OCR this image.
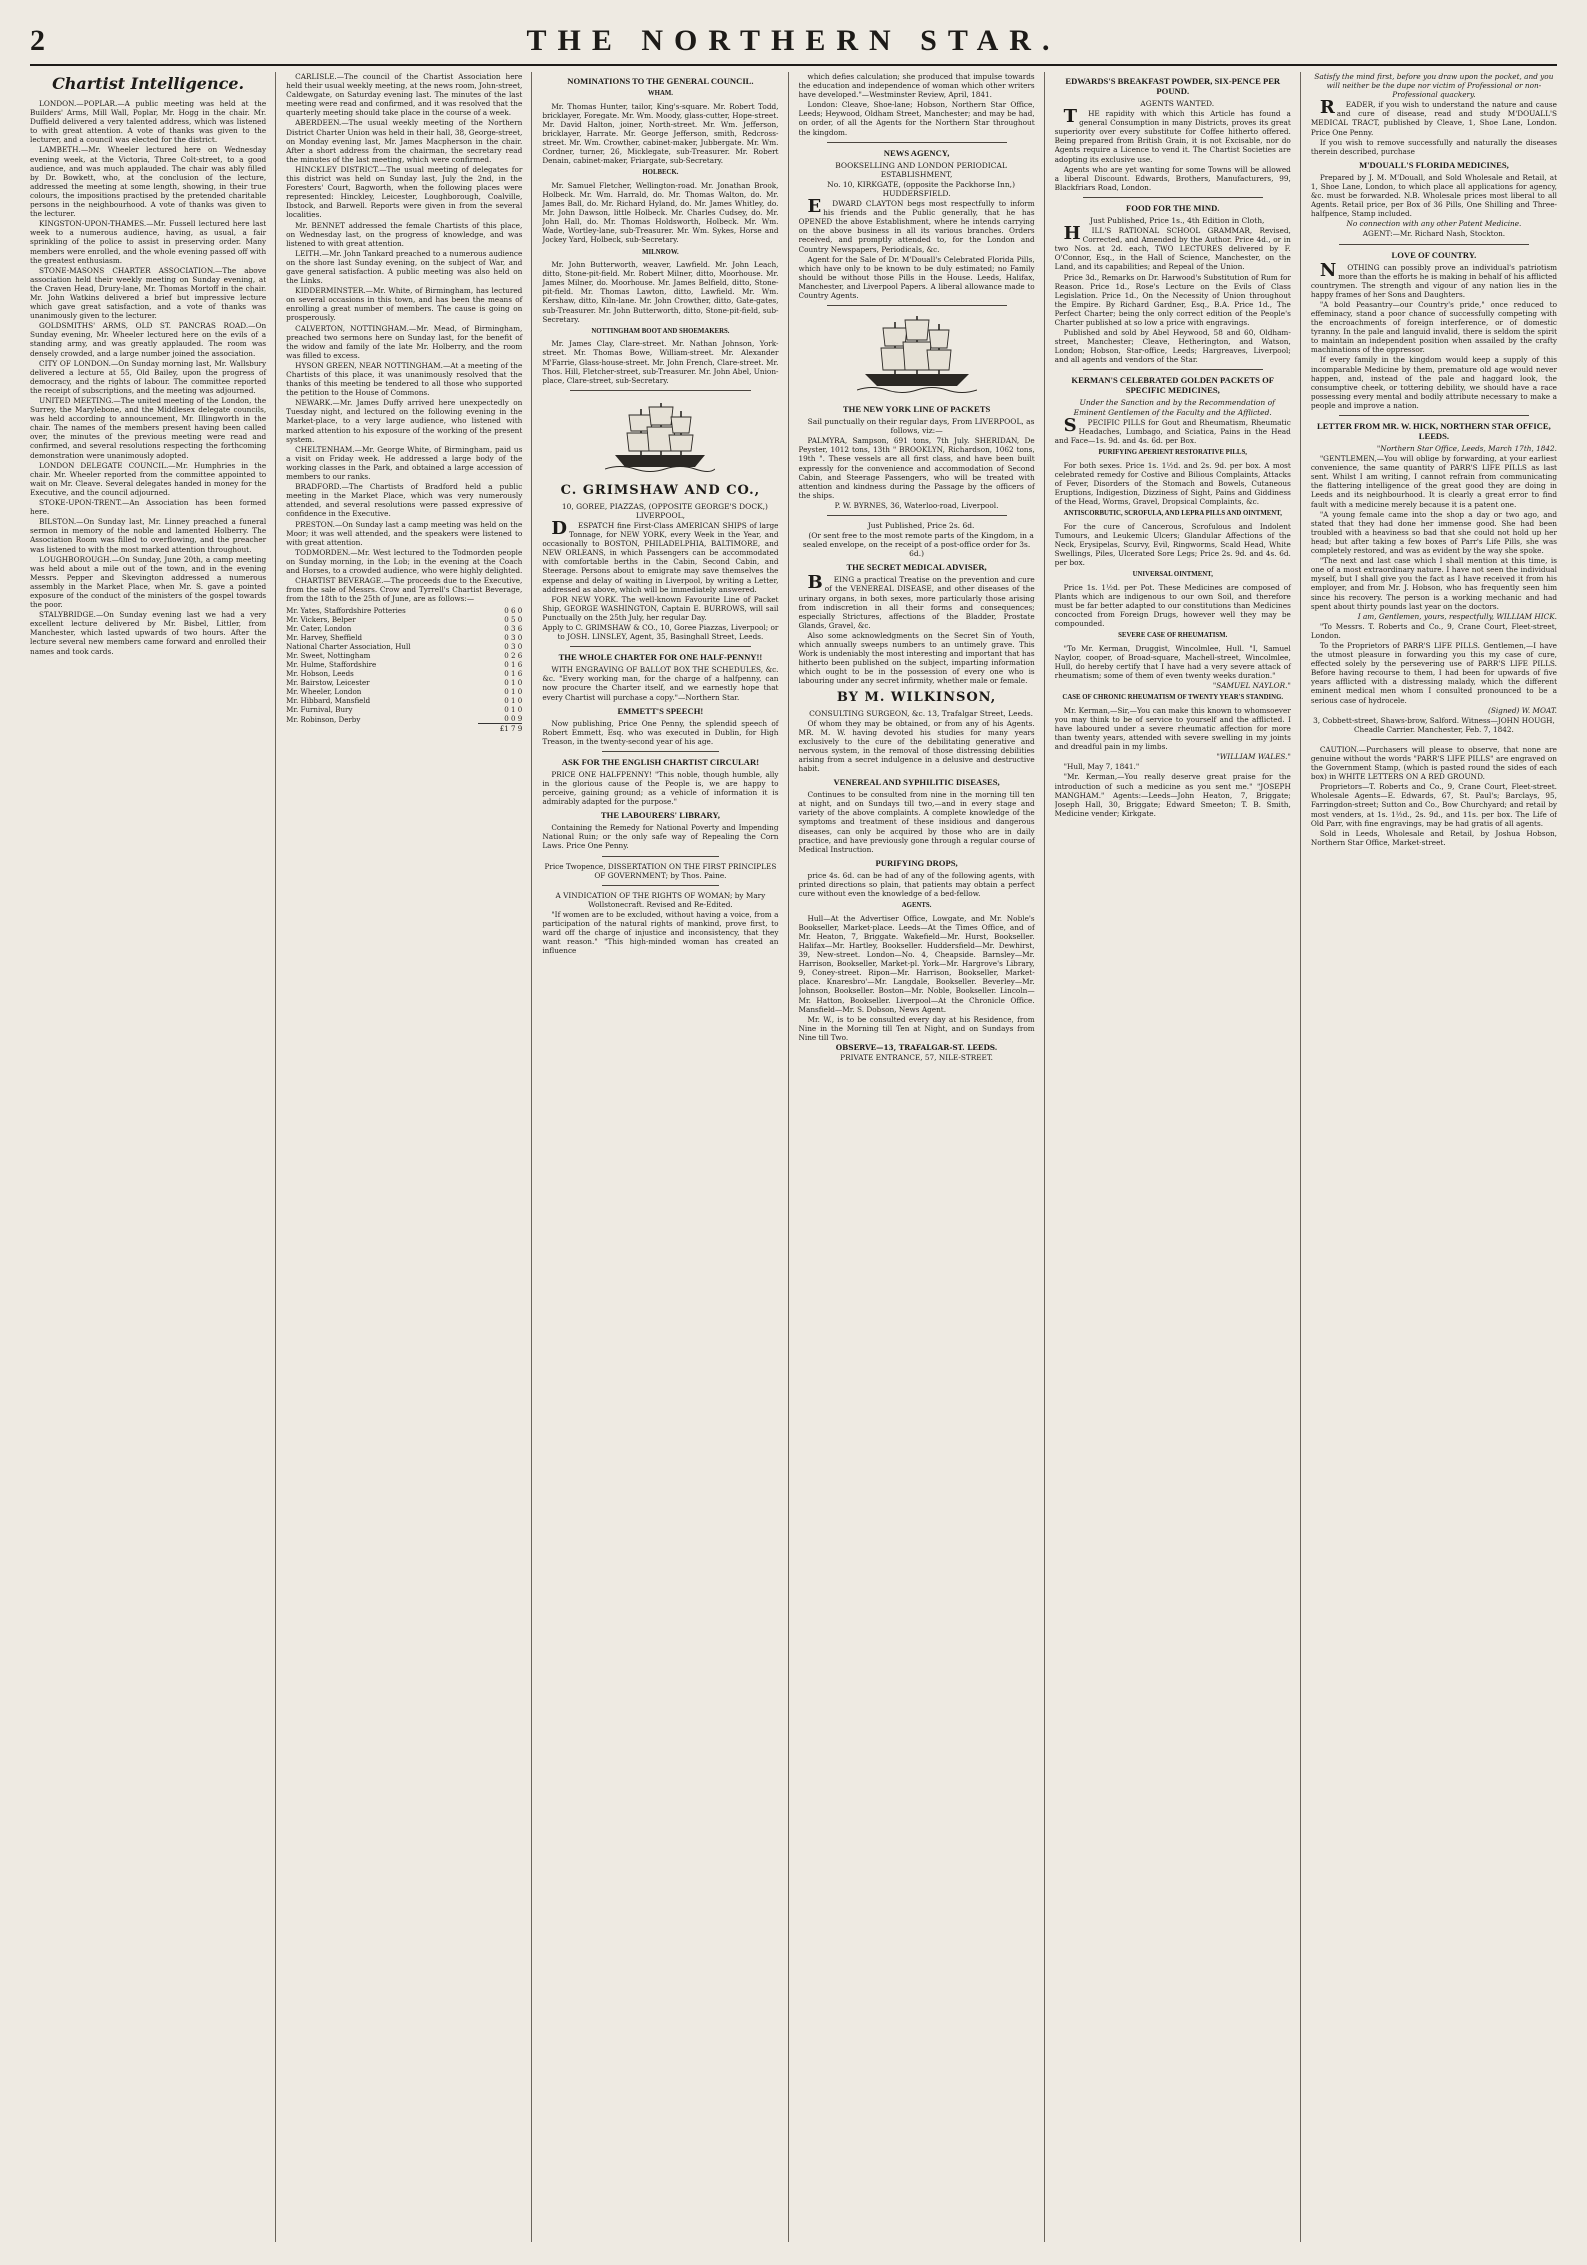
2	THE NORTHERN STAR.
Chartist Intelligence.

LONDON.—POPLAR.—A public meeting was held at the Builders' Arms, Mill Wall, Poplar, Mr. Hogg in the chair. Mr. Duffield delivered a very talented address, which was listened to with great attention. A vote of thanks was given to the lecturer, and a council was elected for the district.

LAMBETH.—Mr. Wheeler lectured here on Wednesday evening week, at the Victoria, Three Colt-street, to a good audience, and was much applauded. The chair was ably filled by Dr. Bowkett, who, at the conclusion of the lecture, addressed the meeting at some length, showing, in their true colours, the impositions practised by the pretended charitable persons in the neighbourhood. A vote of thanks was given to the lecturer.

KINGSTON-UPON-THAMES.—Mr. Fussell lectured here last week to a numerous audience, having, as usual, a fair sprinkling of the police to assist in preserving order. Many members were enrolled, and the whole evening passed off with the greatest enthusiasm.

STONE-MASONS CHARTER ASSOCIATION.—The above association held their weekly meeting on Sunday evening, at the Craven Head, Drury-lane, Mr. Thomas Mortoff in the chair. Mr. John Watkins delivered a brief but impressive lecture which gave great satisfaction, and a vote of thanks was unanimously given to the lecturer.

GOLDSMITHS' ARMS, OLD ST. PANCRAS ROAD.—On Sunday evening, Mr. Wheeler lectured here on the evils of a standing army, and was greatly applauded. The room was densely crowded, and a large number joined the association.

CITY OF LONDON.—On Sunday morning last, Mr. Wallsbury delivered a lecture at 55, Old Bailey, upon the progress of democracy, and the rights of labour. The committee reported the receipt of subscriptions, and the meeting was adjourned.

UNITED MEETING.—The united meeting of the London, the Surrey, the Marylebone, and the Middlesex delegate councils, was held according to announcement, Mr. Illingworth in the chair. The names of the members present having been called over, the minutes of the previous meeting were read and confirmed, and several resolutions respecting the forthcoming demonstration were unanimously adopted.

LONDON DELEGATE COUNCIL.—Mr. Humphries in the chair. Mr. Wheeler reported from the committee appointed to wait on Mr. Cleave. Several delegates handed in money for the Executive, and the council adjourned.

STOKE-UPON-TRENT.—An Association has been formed here.

BILSTON.—On Sunday last, Mr. Linney preached a funeral sermon in memory of the noble and lamented Holberry. The Association Room was filled to overflowing, and the preacher was listened to with the most marked attention throughout.

LOUGHBOROUGH.—On Sunday, June 20th, a camp meeting was held about a mile out of the town, and in the evening Messrs. Pepper and Skevington addressed a numerous assembly in the Market Place, when Mr. S. gave a pointed exposure of the conduct of the ministers of the gospel towards the poor.

STALYBRIDGE.—On Sunday evening last we had a very excellent lecture delivered by Mr. Bisbel, Littler, from Manchester, which lasted upwards of two hours. After the lecture several new members came forward and enrolled their names and took cards.

CARLISLE.—The council of the Chartist Association here held their usual weekly meeting, at the news room, John-street, Caldewgate, on Saturday evening last. The minutes of the last meeting were read and confirmed, and it was resolved that the quarterly meeting should take place in the course of a week.

ABERDEEN.—The usual weekly meeting of the Northern District Charter Union was held in their hall, 38, George-street, on Monday evening last, Mr. James Macpherson in the chair. After a short address from the chairman, the secretary read the minutes of the last meeting, which were confirmed.

HINCKLEY DISTRICT.—The usual meeting of delegates for this district was held on Sunday last, July the 2nd, in the Foresters' Court, Bagworth, when the following places were represented: Hinckley, Leicester, Loughborough, Coalville, Ibstock, and Barwell. Reports were given in from the several localities.

Mr. BENNET addressed the female Chartists of this place, on Wednesday last, on the progress of knowledge, and was listened to with great attention.

LEITH.—Mr. John Tankard preached to a numerous audience on the shore last Sunday evening, on the subject of War, and gave general satisfaction. A public meeting was also held on the Links.

KIDDERMINSTER.—Mr. White, of Birmingham, has lectured on several occasions in this town, and has been the means of enrolling a great number of members. The cause is going on prosperously.

CALVERTON, NOTTINGHAM.—Mr. Mead, of Birmingham, preached two sermons here on Sunday last, for the benefit of the widow and family of the late Mr. Holberry, and the room was filled to excess.

HYSON GREEN, NEAR NOTTINGHAM.—At a meeting of the Chartists of this place, it was unanimously resolved that the thanks of this meeting be tendered to all those who supported the petition to the House of Commons.

NEWARK.—Mr. James Duffy arrived here unexpectedly on Tuesday night, and lectured on the following evening in the Market-place, to a very large audience, who listened with marked attention to his exposure of the working of the present system.

CHELTENHAM.—Mr. George White, of Birmingham, paid us a visit on Friday week. He addressed a large body of the working classes in the Park, and obtained a large accession of members to our ranks.

BRADFORD.—The Chartists of Bradford held a public meeting in the Market Place, which was very numerously attended, and several resolutions were passed expressive of confidence in the Executive.

PRESTON.—On Sunday last a camp meeting was held on the Moor; it was well attended, and the speakers were listened to with great attention.

TODMORDEN.—Mr. West lectured to the Todmorden people on Sunday morning, in the Lob; in the evening at the Coach and Horses, to a crowded audience, who were highly delighted.

CHARTIST BEVERAGE.—The proceeds due to the Executive, from the sale of Messrs. Crow and Tyrrell's Chartist Beverage, from the 18th to the 25th of June, are as follows:—

Mr. Yates, Staffordshire Potteries	0 6 0
Mr. Vickers, Belper	0 5 0
Mr. Cater, London	0 3 6
Mr. Harvey, Sheffield	0 3 0
National Charter Association, Hull	0 3 0
Mr. Sweet, Nottingham	0 2 6
Mr. Hulme, Staffordshire	0 1 6
Mr. Hobson, Leeds	0 1 6
Mr. Bairstow, Leicester	0 1 0
Mr. Wheeler, London	0 1 0
Mr. Hibbard, Mansfield	0 1 0
Mr. Furnival, Bury	0 1 0
Mr. Robinson, Derby	0 0 9
	£1 7 9
NOMINATIONS TO THE GENERAL COUNCIL.
WHAM.

Mr. Thomas Hunter, tailor, King's-square. Mr. Robert Todd, bricklayer, Foregate. Mr. Wm. Moody, glass-cutter, Hope-street. Mr. David Halton, joiner, North-street. Mr. Wm. Jefferson, bricklayer, Harrate. Mr. George Jefferson, smith, Redcross-street. Mr. Wm. Crowther, cabinet-maker, Jubbergate. Mr. Wm. Cordner, turner, 26, Micklegate, sub-Treasurer. Mr. Robert Denain, cabinet-maker, Friargate, sub-Secretary.

HOLBECK.

Mr. Samuel Fletcher, Wellington-road. Mr. Jonathan Brook, Holbeck. Mr. Wm. Harrald, do. Mr. Thomas Walton, do. Mr. James Ball, do. Mr. Richard Hyland, do. Mr. James Whitley, do. Mr. John Dawson, little Holbeck. Mr. Charles Cudsey, do. Mr. John Hall, do. Mr. Thomas Holdsworth, Holbeck. Mr. Wm. Wade, Wortley-lane, sub-Treasurer. Mr. Wm. Sykes, Horse and Jockey Yard, Holbeck, sub-Secretary.

MILNROW.

Mr. John Butterworth, weaver, Lawfield. Mr. John Leach, ditto, Stone-pit-field. Mr. Robert Milner, ditto, Moorhouse. Mr. James Milner, do. Moorhouse. Mr. James Belfield, ditto, Stone-pit-field. Mr. Thomas Lawton, ditto, Lawfield. Mr. Wm. Kershaw, ditto, Kiln-lane. Mr. John Crowther, ditto, Gate-gates, sub-Treasurer. Mr. John Butterworth, ditto, Stone-pit-field, sub-Secretary.

NOTTINGHAM BOOT AND SHOEMAKERS.

Mr. James Clay, Clare-street. Mr. Nathan Johnson, York-street. Mr. Thomas Bowe, William-street. Mr. Alexander M'Farrie, Glass-house-street. Mr. John French, Clare-street. Mr. Thos. Hill, Fletcher-street, sub-Treasurer. Mr. John Abel, Union-place, Clare-street, sub-Secretary.

C. GRIMSHAW AND CO.,

10, GOREE, PIAZZAS, (OPPOSITE GEORGE'S DOCK,) LIVERPOOL,

DESPATCH fine First-Class AMERICAN SHIPS of large Tonnage, for NEW YORK, every Week in the Year, and occasionally to BOSTON, PHILADELPHIA, BALTIMORE, and NEW ORLEANS, in which Passengers can be accommodated with comfortable berths in the Cabin, Second Cabin, and Steerage. Persons about to emigrate may save themselves the expense and delay of waiting in Liverpool, by writing a Letter, addressed as above, which will be immediately answered.

FOR NEW YORK. The well-known Favourite Line of Packet Ship, GEORGE WASHINGTON, Captain E. BURROWS, will sail Punctually on the 25th July, her regular Day.

Apply to C. GRIMSHAW & CO., 10, Goree Piazzas, Liverpool; or to JOSH. LINSLEY, Agent, 35, Basinghall Street, Leeds.

THE WHOLE CHARTER FOR ONE HALF-PENNY!!

WITH ENGRAVING OF BALLOT BOX THE SCHEDULES, &c. &c. "Every working man, for the charge of a halfpenny, can now procure the Charter itself, and we earnestly hope that every Chartist will purchase a copy."—Northern Star.

EMMETT'S SPEECH!

Now publishing, Price One Penny, the splendid speech of Robert Emmett, Esq. who was executed in Dublin, for High Treason, in the twenty-second year of his age.

ASK FOR THE ENGLISH CHARTIST CIRCULAR!

PRICE ONE HALFPENNY! "This noble, though humble, ally in the glorious cause of the People is, we are happy to perceive, gaining ground; as a vehicle of information it is admirably adapted for the purpose."

THE LABOURERS' LIBRARY,

Containing the Remedy for National Poverty and Impending National Ruin; or the only safe way of Repealing the Corn Laws. Price One Penny.

Price Twopence, DISSERTATION ON THE FIRST PRINCIPLES OF GOVERNMENT; by Thos. Paine.

A VINDICATION OF THE RIGHTS OF WOMAN; by Mary Wollstonecraft. Revised and Re-Edited.

"If women are to be excluded, without having a voice, from a participation of the natural rights of mankind, prove first, to ward off the charge of injustice and inconsistency, that they want reason." "This high-minded woman has created an influence

which defies calculation; she produced that impulse towards the education and independence of woman which other writers have developed."—Westminster Review, April, 1841.

London: Cleave, Shoe-lane; Hobson, Northern Star Office, Leeds; Heywood, Oldham Street, Manchester; and may be had, on order, of all the Agents for the Northern Star throughout the kingdom.

NEWS AGENCY,

BOOKSELLING AND LONDON PERIODICAL ESTABLISHMENT,

No. 10, KIRKGATE, (opposite the Packhorse Inn,) HUDDERSFIELD.

EDWARD CLAYTON begs most respectfully to inform his friends and the Public generally, that he has OPENED the above Establishment, where he intends carrying on the above business in all its various branches. Orders received, and promptly attended to, for the London and Country Newspapers, Periodicals, &c.

Agent for the Sale of Dr. M'Douall's Celebrated Florida Pills, which have only to be known to be duly estimated; no Family should be without those Pills in the House. Leeds, Halifax, Manchester, and Liverpool Papers. A liberal allowance made to Country Agents.

THE NEW YORK LINE OF PACKETS

Sail punctually on their regular days, From LIVERPOOL, as follows, viz:—

PALMYRA, Sampson, 691 tons, 7th July. SHERIDAN, De Peyster, 1012 tons, 13th " BROOKLYN, Richardson, 1062 tons, 19th ". These vessels are all first class, and have been built expressly for the convenience and accommodation of Second Cabin, and Steerage Passengers, who will be treated with attention and kindness during the Passage by the officers of the ships.

P. W. BYRNES, 36, Waterloo-road, Liverpool.

Just Published, Price 2s. 6d.

(Or sent free to the most remote parts of the Kingdom, in a sealed envelope, on the receipt of a post-office order for 3s. 6d.)

THE SECRET MEDICAL ADVISER,

BEING a practical Treatise on the prevention and cure of the VENEREAL DISEASE, and other diseases of the urinary organs, in both sexes, more particularly those arising from indiscretion in all their forms and consequences; especially Strictures, affections of the Bladder, Prostate Glands, Gravel, &c.

Also some acknowledgments on the Secret Sin of Youth, which annually sweeps numbers to an untimely grave. This Work is undeniably the most interesting and important that has hitherto been published on the subject, imparting information which ought to be in the possession of every one who is labouring under any secret infirmity, whether male or female.

BY M. WILKINSON,

CONSULTING SURGEON, &c. 13, Trafalgar Street, Leeds.

Of whom they may be obtained, or from any of his Agents. MR. M. W. having devoted his studies for many years exclusively to the cure of the debilitating generative and nervous system, in the removal of those distressing debilities arising from a secret indulgence in a delusive and destructive habit.

VENEREAL AND SYPHILITIC DISEASES,

Continues to be consulted from nine in the morning till ten at night, and on Sundays till two,—and in every stage and variety of the above complaints. A complete knowledge of the symptoms and treatment of these insidious and dangerous diseases, can only be acquired by those who are in daily practice, and have previously gone through a regular course of Medical Instruction.

PURIFYING DROPS,

price 4s. 6d. can be had of any of the following agents, with printed directions so plain, that patients may obtain a perfect cure without even the knowledge of a bed-fellow.

AGENTS.

Hull—At the Advertiser Office, Lowgate, and Mr. Noble's Bookseller, Market-place. Leeds—At the Times Office, and of Mr. Heaton, 7, Briggate. Wakefield—Mr. Hurst, Bookseller. Halifax—Mr. Hartley, Bookseller. Huddersfield—Mr. Dewhirst, 39, New-street. London—No. 4, Cheapside. Barnsley—Mr. Harrison, Bookseller, Market-pl. York—Mr. Hargrove's Library, 9, Coney-street. Ripon—Mr. Harrison, Bookseller, Market-place. Knaresbro'—Mr. Langdale, Bookseller. Beverley—Mr. Johnson, Bookseller. Boston—Mr. Noble, Bookseller. Lincoln—Mr. Hatton, Bookseller. Liverpool—At the Chronicle Office. Mansfield—Mr. S. Dobson, News Agent.

Mr. W., is to be consulted every day at his Residence, from Nine in the Morning till Ten at Night, and on Sundays from Nine till Two.

OBSERVE—13, TRAFALGAR-ST. LEEDS.

PRIVATE ENTRANCE, 57, NILE-STREET.

EDWARDS'S BREAKFAST POWDER, SIX-PENCE PER POUND.

AGENTS WANTED.

THE rapidity with which this Article has found a general Consumption in many Districts, proves its great superiority over every substitute for Coffee hitherto offered. Being prepared from British Grain, it is not Excisable, nor do Agents require a Licence to vend it. The Chartist Societies are adopting its exclusive use.

Agents who are yet wanting for some Towns will be allowed a liberal Discount. Edwards, Brothers, Manufacturers, 99, Blackfriars Road, London.

FOOD FOR THE MIND.

Just Published, Price 1s., 4th Edition in Cloth,

HILL'S RATIONAL SCHOOL GRAMMAR, Revised, Corrected, and Amended by the Author. Price 4d., or in two Nos. at 2d. each, TWO LECTURES delivered by F. O'Connor, Esq., in the Hall of Science, Manchester, on the Land, and its capabilities; and Repeal of the Union.

Price 3d., Remarks on Dr. Harwood's Substitution of Rum for Reason. Price 1d., Rose's Lecture on the Evils of Class Legislation. Price 1d., On the Necessity of Union throughout the Empire. By Richard Gardner, Esq., B.A. Price 1d., The Perfect Charter; being the only correct edition of the People's Charter published at so low a price with engravings.

Published and sold by Abel Heywood, 58 and 60, Oldham-street, Manchester; Cleave, Hetherington, and Watson, London; Hobson, Star-office, Leeds; Hargreaves, Liverpool; and all agents and vendors of the Star.

KERMAN'S CELEBRATED GOLDEN PACKETS OF SPECIFIC MEDICINES,

Under the Sanction and by the Recommendation of Eminent Gentlemen of the Faculty and the Afflicted.

SPECIFIC PILLS for Gout and Rheumatism, Rheumatic Headaches, Lumbago, and Sciatica, Pains in the Head and Face—1s. 9d. and 4s. 6d. per Box.

PURIFYING APERIENT RESTORATIVE PILLS,

For both sexes. Price 1s. 1½d. and 2s. 9d. per box. A most celebrated remedy for Costive and Bilious Complaints, Attacks of Fever, Disorders of the Stomach and Bowels, Cutaneous Eruptions, Indigestion, Dizziness of Sight, Pains and Giddiness of the Head, Worms, Gravel, Dropsical Complaints, &c.

ANTISCORBUTIC, SCROFULA, AND LEPRA PILLS AND OINTMENT,

For the cure of Cancerous, Scrofulous and Indolent Tumours, and Leukemic Ulcers; Glandular Affections of the Neck, Erysipelas, Scurvy, Evil, Ringworms, Scald Head, White Swellings, Piles, Ulcerated Sore Legs; Price 2s. 9d. and 4s. 6d. per box.

UNIVERSAL OINTMENT,

Price 1s. 1½d. per Pot. These Medicines are composed of Plants which are indigenous to our own Soil, and therefore must be far better adapted to our constitutions than Medicines concocted from Foreign Drugs, however well they may be compounded.

SEVERE CASE OF RHEUMATISM.

"To Mr. Kerman, Druggist, Wincolmlee, Hull. "I, Samuel Naylor, cooper, of Broad-square, Machell-street, Wincolmlee, Hull, do hereby certify that I have had a very severe attack of rheumatism; some of them of even twenty weeks duration."

"SAMUEL NAYLOR."

CASE OF CHRONIC RHEUMATISM OF TWENTY YEAR'S STANDING.

Mr. Kerman,—Sir,—You can make this known to whomsoever you may think to be of service to yourself and the afflicted. I have laboured under a severe rheumatic affection for more than twenty years, attended with severe swelling in my joints and dreadful pain in my limbs.

"WILLIAM WALES."

"Hull, May 7, 1841."

"Mr. Kerman,—You really deserve great praise for the introduction of such a medicine as you sent me." "JOSEPH MANGHAM." Agents:—Leeds—John Heaton, 7, Briggate; Joseph Hall, 30, Briggate; Edward Smeeton; T. B. Smith, Medicine vender; Kirkgate.

Satisfy the mind first, before you draw upon the pocket, and you will neither be the dupe nor victim of Professional or non-Professional quackery.

READER, if you wish to understand the nature and cause and cure of disease, read and study M'DOUALL'S MEDICAL TRACT, published by Cleave, 1, Shoe Lane, London. Price One Penny.

If you wish to remove successfully and naturally the diseases therein described, purchase

M'DOUALL'S FLORIDA MEDICINES,

Prepared by J. M. M'Douall, and Sold Wholesale and Retail, at 1, Shoe Lane, London, to which place all applications for agency, &c. must be forwarded. N.B. Wholesale prices most liberal to all Agents. Retail price, per Box of 36 Pills, One Shilling and Three-halfpence, Stamp included.

No connection with any other Patent Medicine.

AGENT:—Mr. Richard Nash, Stockton.

LOVE OF COUNTRY.

NOTHING can possibly prove an individual's patriotism more than the efforts he is making in behalf of his afflicted countrymen. The strength and vigour of any nation lies in the happy frames of her Sons and Daughters.

"A bold Peasantry—our Country's pride," once reduced to effeminacy, stand a poor chance of successfully competing with the encroachments of foreign interference, or of domestic tyranny. In the pale and languid invalid, there is seldom the spirit to maintain an independent position when assailed by the crafty machinations of the oppressor.

If every family in the kingdom would keep a supply of this incomparable Medicine by them, premature old age would never happen, and, instead of the pale and haggard look, the consumptive cheek, or tottering debility, we should have a race possessing every mental and bodily attribute necessary to make a people and improve a nation.

LETTER FROM MR. W. HICK, NORTHERN STAR OFFICE, LEEDS.

"Northern Star Office, Leeds, March 17th, 1842.

"GENTLEMEN,—You will oblige by forwarding, at your earliest convenience, the same quantity of PARR'S LIFE PILLS as last sent. Whilst I am writing, I cannot refrain from communicating the flattering intelligence of the great good they are doing in Leeds and its neighbourhood. It is clearly a great error to find fault with a medicine merely because it is a patent one.

"A young female came into the shop a day or two ago, and stated that they had done her immense good. She had been troubled with a heaviness so bad that she could not hold up her head; but after taking a few boxes of Parr's Life Pills, she was completely restored, and was as evident by the way she spoke.

"The next and last case which I shall mention at this time, is one of a most extraordinary nature. I have not seen the individual myself, but I shall give you the fact as I have received it from his employer, and from Mr. J. Hobson, who has frequently seen him since his recovery. The person is a working mechanic and had spent about thirty pounds last year on the doctors.

I am, Gentlemen, yours, respectfully, WILLIAM HICK.

"To Messrs. T. Roberts and Co., 9, Crane Court, Fleet-street, London.

To the Proprietors of PARR'S LIFE PILLS. Gentlemen,—I have the utmost pleasure in forwarding you this my case of cure, effected solely by the persevering use of PARR'S LIFE PILLS. Before having recourse to them, I had been for upwards of five years afflicted with a distressing malady, which the different eminent medical men whom I consulted pronounced to be a serious case of hydrocele.

(Signed) W. MOAT.

3, Cobbett-street, Shaws-brow, Salford. Witness—JOHN HOUGH, Cheadle Carrier. Manchester, Feb. 7, 1842.

CAUTION.—Purchasers will please to observe, that none are genuine without the words "PARR'S LIFE PILLS" are engraved on the Government Stamp, (which is pasted round the sides of each box) in WHITE LETTERS ON A RED GROUND.

Proprietors—T. Roberts and Co., 9, Crane Court, Fleet-street. Wholesale Agents—E. Edwards, 67, St. Paul's; Barclays, 95, Farringdon-street; Sutton and Co., Bow Churchyard; and retail by most venders, at 1s. 1½d., 2s. 9d., and 11s. per box. The Life of Old Parr, with fine engravings, may be had gratis of all agents.

Sold in Leeds, Wholesale and Retail, by Joshua Hobson, Northern Star Office, Market-street.
